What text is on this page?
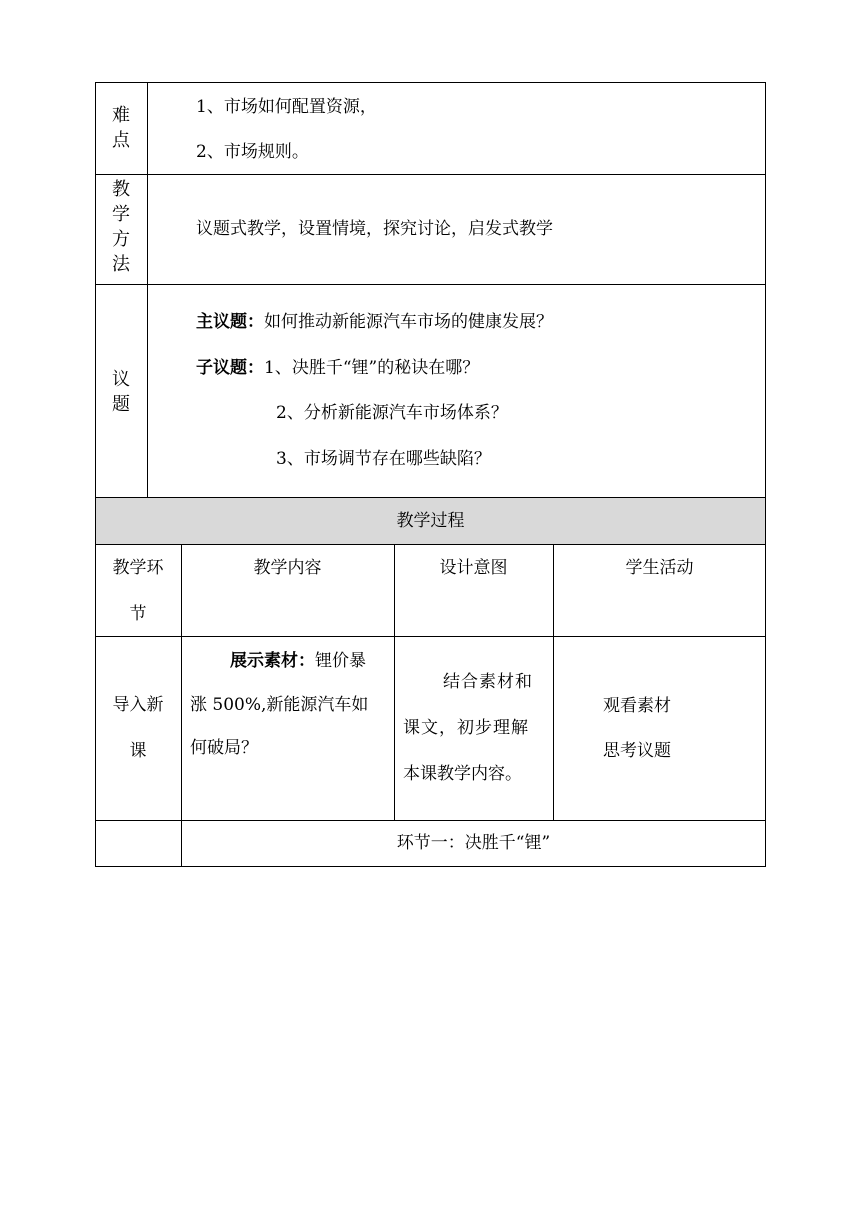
难
点
1、市场如何配置资源，
2、市场规则。
教
学
方
法
议题式教学，设置情境，探究讨论，启发式教学
议
题
主议题：如何推动新能源汽车市场的健康发展？
子议题：1、决胜千“锂”的秘诀在哪？
2、分析新能源汽车市场体系？
3、市场调节存在哪些缺陷？
教学过程
教学环
节
教学内容	设计意图	学生活动
导入新
课
展示素材：锂价暴
涨 500%,新能源汽车如
何破局？
结合素材和
课文，初步理解
本课教学内容。
观看素材
思考议题
环节一：决胜千“锂”
